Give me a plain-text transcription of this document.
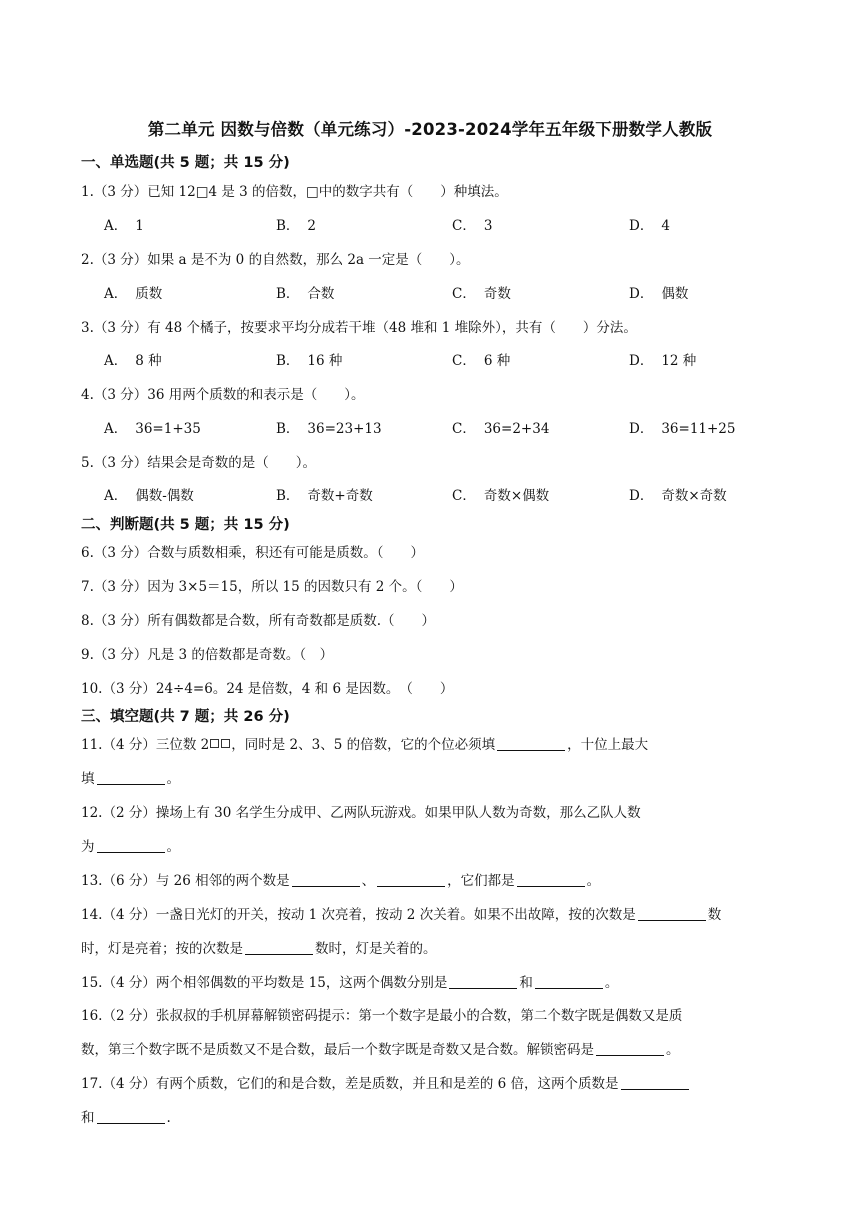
第二单元 因数与倍数（单元练习）-2023-2024学年五年级下册数学人教版
一、单选题(共 5 题；共 15 分)
1.（3 分）已知 12□4 是 3 的倍数，□中的数字共有（　　）种填法。
A． 1	B． 2	C． 3	D． 4
2.（3 分）如果 a 是不为 0 的自然数，那么 2a 一定是（　　）。
A． 质数	B． 合数	C． 奇数	D． 偶数
3.（3 分）有 48 个橘子，按要求平均分成若干堆（48 堆和 1 堆除外），共有（　　）分法。
A． 8 种	B． 16 种	C． 6 种	D． 12 种
4.（3 分）36 用两个质数的和表示是（　　）。
A． 36=1+35	B． 36=23+13	C． 36=2+34	D． 36=11+25
5.（3 分）结果会是奇数的是（　　）。
A． 偶数-偶数	B． 奇数+奇数	C． 奇数×偶数	D． 奇数×奇数
二、判断题(共 5 题；共 15 分)
6.（3 分）合数与质数相乘，积还有可能是质数。（　　）
7.（3 分）因为 3×5＝15，所以 15 的因数只有 2 个。（　　）
8.（3 分）所有偶数都是合数，所有奇数都是质数.（　　）
9.（3 分）凡是 3 的倍数都是奇数。（　）
10.（3 分）24÷4=6。24 是倍数，4 和 6 是因数。　（　　）
三、填空题(共 7 题；共 26 分)
11.（4 分）三位数 2 ，同时是 2、3、5 的倍数，它的个位必须填	，十位上最大
填	。
12.（2 分）操场上有 30 名学生分成甲、乙两队玩游戏。如果甲队人数为奇数，那么乙队人数
为	。
13.（6 分）与 26 相邻的两个数是	、	，它们都是	。
14.（4 分）一盏日光灯的开关，按动 1 次亮着，按动 2 次关着。如果不出故障，按的次数是	数
时，灯是亮着；按的次数是	数时，灯是关着的。
15.（4 分）两个相邻偶数的平均数是 15，这两个偶数分别是	和	。
16.（2 分）张叔叔的手机屏幕解锁密码提示：第一个数字是最小的合数，第二个数字既是偶数又是质
数，第三个数字既不是质数又不是合数，最后一个数字既是奇数又是合数。解锁密码是	。
17.（4 分）有两个质数，它们的和是合数，差是质数，并且和是差的 6 倍，这两个质数是
和	.
